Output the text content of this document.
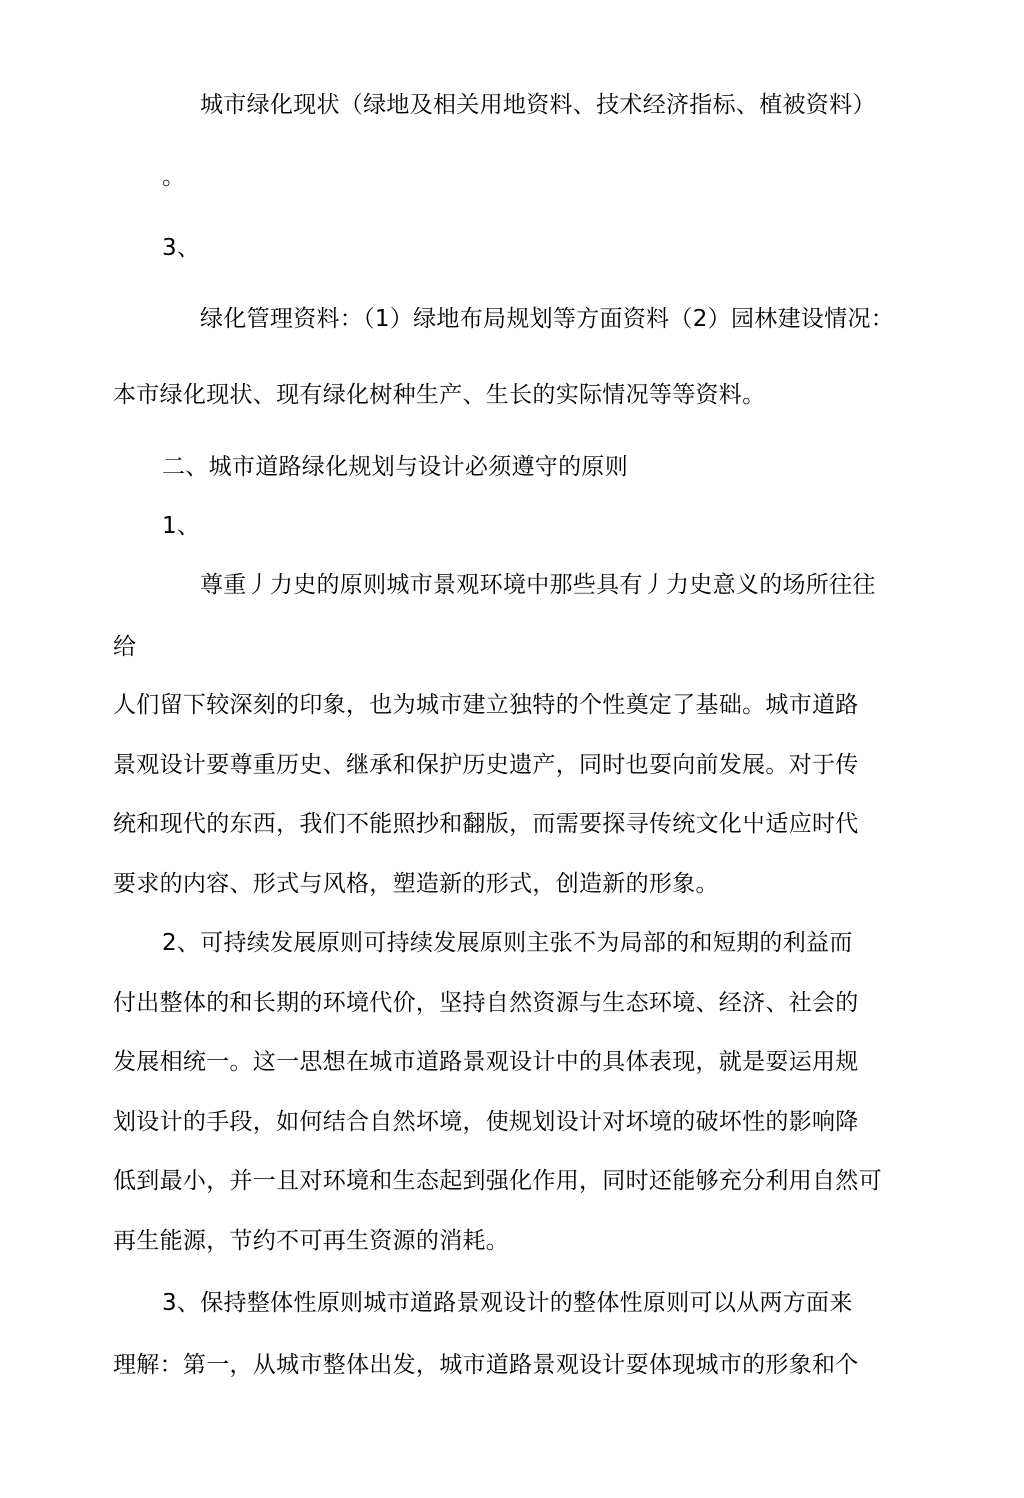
城市绿化现状（绿地及相关用地资料、技术经济指标、植被资料）
。
3、
绿化管理资料：（1）绿地布局规划等方面资料（2）园林建设情况：
本市绿化现状、现有绿化树种生产、生长的实际情况等等资料。
二、城市道路绿化规划与设计必须遵守的原则
1、
尊重丿力史的原则城市景观环境中那些具有丿力史意义的场所往往
给
人们留下较深刻的印象，也为城市建立独特的个性奠定了基础。城市道路
景观设计要尊重历史、继承和保护历史遗产，同时也耍向前发展。对于传
统和现代的东西，我们不能照抄和翻版，而需要探寻传统文化屮适应时代
要求的内容、形式与风格，塑造新的形式，创造新的形象。
2、可持续发展原则可持续发展原则主张不为局部的和短期的利益而
付出整体的和长期的环境代价，坚持自然资源与生态环境、经济、社会的
发展相统一。这一思想在城市道路景观设计中的具体表现，就是耍运用规
划设计的手段，如何结合自然坏境，使规划设计对坏境的破坏性的影响降
低到最小，并一且对环境和生态起到强化作用，同时还能够充分利用自然可
再生能源，节约不可再生资源的消耗。
3、保持整体性原则城市道路景观设计的整体性原则可以从两方面来
理解：第一，从城市整体出发，城市道路景观设计耍体现城市的形象和个
